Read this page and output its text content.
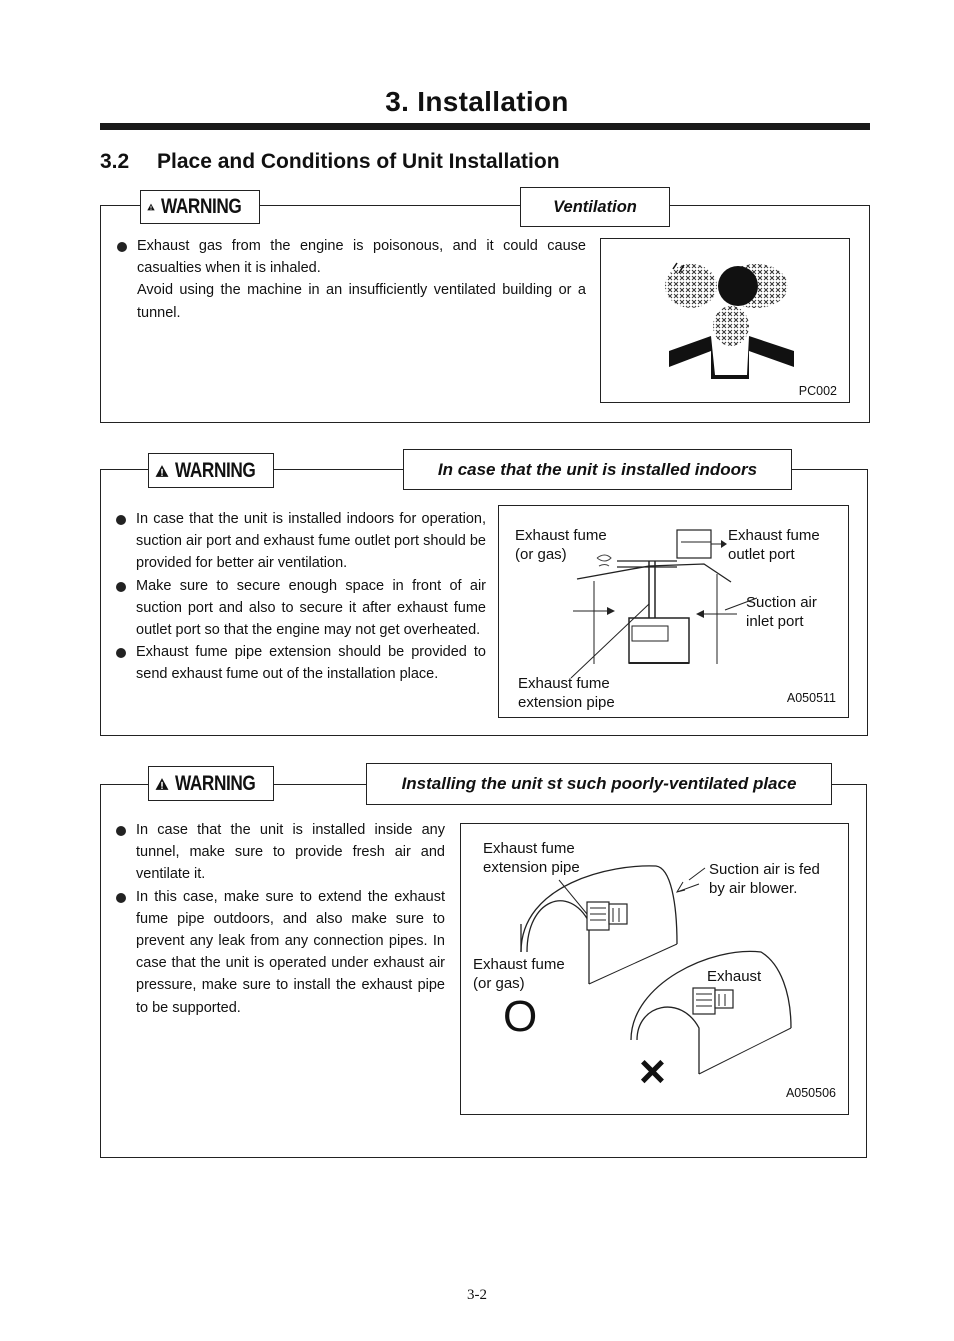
3. Installation
3.2 Place and Conditions of Unit Installation
WARNING	Ventilation
Exhaust gas from the engine is poisonous, and it could cause casualties when it is inhaled.
Avoid using the machine in an insufficiently ventilated building or a tunnel.
PC002
WARNING	In case that the unit is installed indoors
In case that the unit is installed indoors for operation, suction air port and exhaust fume outlet port should be provided for better air ventilation.
Make sure to secure enough space in front of air suction port and also to secure it after exhaust fume outlet port so that the engine may not get overheated.
Exhaust fume pipe extension should be provided to send exhaust fume out of the installation place.
Exhaust fume
(or gas)
Exhaust fume
outlet port
Suction air
inlet port
Exhaust fume
extension pipe	A050511
WARNING	Installing the unit st such poorly-ventilated place
In case that the unit is installed inside any tunnel, make sure to provide fresh air and ventilate it.
In this case, make sure to extend the exhaust fume pipe outdoors, and also make sure to prevent any leak from any connection pipes. In case that the unit is operated under exhaust air pressure, make sure to install the exhaust pipe to be supported.
Exhaust fume
extension pipe	Suction air is fed
by air blower.
Exhaust fume
(or gas)	Exhaust
O
×	A050506
3-2
